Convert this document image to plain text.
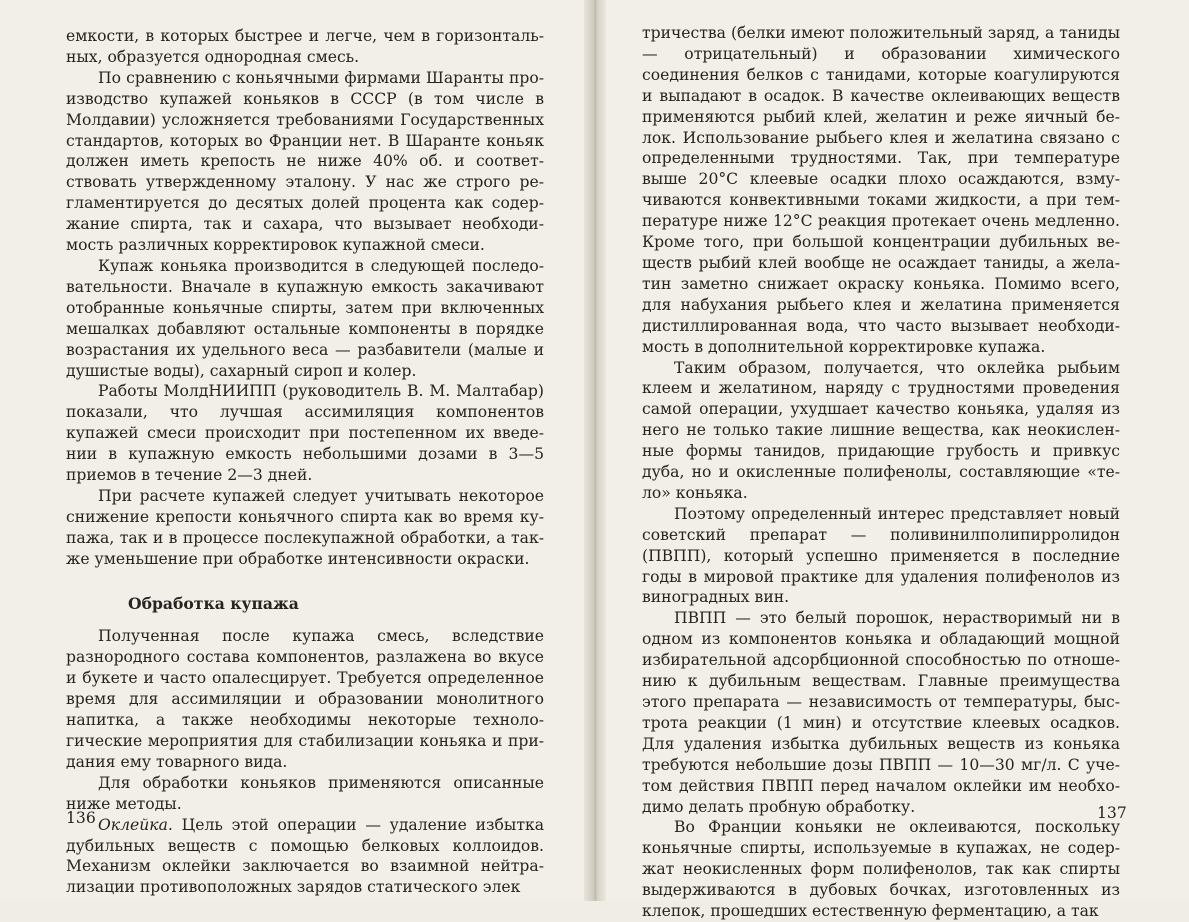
емкости, в которых быстрее и легче, чем в горизонтальных, образуется однородная смесь.

По сравнению с коньячными фирмами Шаранты производство купажей коньяков в СССР (в том числе в Молдавии) усложняется требованиями Государственных стандартов, которых во Франции нет. В Шаранте коньяк должен иметь крепость не ниже 40% об. и соответствовать утвержденному эталону. У нас же строго регламентируется до десятых долей процента как содержание спирта, так и сахара, что вызывает необходимость различных корректировок купажной смеси.

Купаж коньяка производится в следующей последовательности. Вначале в купажную емкость закачивают отобранные коньячные спирты, затем при включенных мешалках добавляют остальные компоненты в порядке возрастания их удельного веса — разбавители (малые и душистые воды), сахарный сироп и колер.

Работы МолдНИИПП (руководитель В. М. Малтабар) показали, что лучшая ассимиляция компонентов купажей смеси происходит при постепенном их введении в купажную емкость небольшими дозами в 3—5 приемов в течение 2—3 дней.

При расчете купажей следует учитывать некоторое снижение крепости коньячного спирта как во время купажа, так и в процессе послекупажной обработки, а также уменьшение при обработке интенсивности окраски.

Обработка купажа

Полученная после купажа смесь, вследствие разнородного состава компонентов, разлажена во вкусе и букете и часто опалесцирует. Требуется определенное время для ассимиляции и образовании монолитного напитка, а также необходимы некоторые технологические мероприятия для стабилизации коньяка и придания ему товарного вида.

Для обработки коньяков применяются описанные ниже методы.

Оклейка. Цель этой операции — удаление избытка дубильных веществ с помощью белковых коллоидов. Механизм оклейки заключается во взаимной нейтрализации противоположных зарядов статического элек

136

тричества (белки имеют положительный заряд, а таниды — отрицательный) и образовании химического соединения белков с танидами, которые коагулируются и выпадают в осадок. В качестве оклеивающих веществ применяются рыбий клей, желатин и реже яичный белок. Использование рыбьего клея и желатина связано с определенными трудностями. Так, при температуре выше 20°С клеевые осадки плохо осаждаются, взмучиваются конвективными токами жидкости, а при температуре ниже 12°С реакция протекает очень медленно. Кроме того, при большой концентрации дубильных веществ рыбий клей вообще не осаждает таниды, а желатин заметно снижает окраску коньяка. Помимо всего, для набухания рыбьего клея и желатина применяется дистиллированная вода, что часто вызывает необходимость в дополнительной корректировке купажа.

Таким образом, получается, что оклейка рыбьим клеем и желатином, наряду с трудностями проведения самой операции, ухудшает качество коньяка, удаляя из него не только такие лишние вещества, как неокисленные формы танидов, придающие грубость и привкус дуба, но и окисленные полифенолы, составляющие «тело» коньяка.

Поэтому определенный интерес представляет новый советский препарат — поливинилполипирролидон (ПВПП), который успешно применяется в последние годы в мировой практике для удаления полифенолов из виноградных вин.

ПВПП — это белый порошок, нерастворимый ни в одном из компонентов коньяка и обладающий мощной избирательной адсорбционной способностью по отношению к дубильным веществам. Главные преимущества этого препарата — независимость от температуры, быстрота реакции (1 мин) и отсутствие клеевых осадков. Для удаления избытка дубильных веществ из коньяка требуются небольшие дозы ПВПП — 10—30 мг/л. С учетом действия ПВПП перед началом оклейки им необходимо делать пробную обработку.

Во Франции коньяки не оклеиваются, поскольку коньячные спирты, используемые в купажах, не содержат неокисленных форм полифенолов, так как спирты выдерживаются в дубовых бочках, изготовленных из клепок, прошедших естественную ферментацию, а так

137
